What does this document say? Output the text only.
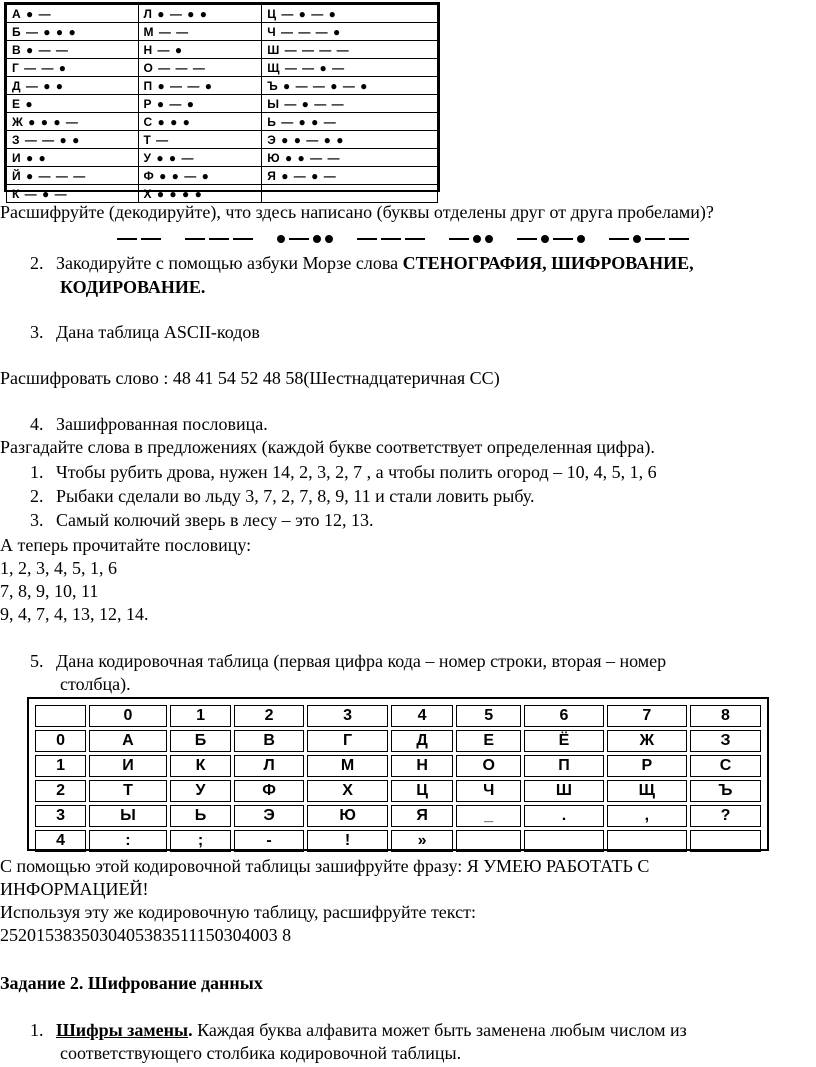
А ● —	Л ● — ● ●	Ц — ● — ●
Б — ● ● ●	М — —	Ч — — — ●
В ● — —	Н — ●	Ш — — — —
Г — — ●	О — — —	Щ — — ● —
Д — ● ●	П ● — — ●	Ъ ● — — ● — ●
Е ●	Р ● — ●	Ы — ● — —
Ж ● ● ● —	С ● ● ●	Ь — ● ● —
З — — ● ●	Т —	Э ● ● — ● ●
И ● ●	У ● ● —	Ю ● ● — —
Й ● — — —	Ф ● ● — ●	Я ● — ● —
К — ● —	Х ● ● ● ●	
Расшифруйте (декодируйте), что здесь написано (буквы отделены друг от друга пробелами)?
2. Закодируйте с помощью азбуки Морзе слова СТЕНОГРАФИЯ, ШИФРОВАНИЕ,
КОДИРОВАНИЕ.
3. Дана таблица ASCII-кодов
Расшифровать слово : 48 41 54 52 48 58(Шестнадцатеричная СС)
4. Зашифрованная пословица.
Разгадайте слова в предложениях (каждой букве соответствует определенная цифра).
1. Чтобы рубить дрова, нужен 14, 2, 3, 2, 7 , а чтобы полить огород – 10, 4, 5, 1, 6
2. Рыбаки сделали во льду 3, 7, 2, 7, 8, 9, 11 и стали ловить рыбу.
3. Самый колючий зверь в лесу – это 12, 13.
А теперь прочитайте пословицу:
1, 2, 3, 4, 5, 1, 6
7, 8, 9, 10, 11
9, 4, 7, 4, 13, 12, 14.
5. Дана кодировочная таблица (первая цифра кода – номер строки, вторая – номер
столбца).
	0	1	2	3	4	5	6	7	8
0	А	Б	В	Г	Д	Е	Ё	Ж	З
1	И	К	Л	М	Н	О	П	Р	С
2	Т	У	Ф	Х	Ц	Ч	Ш	Щ	Ъ
3	Ы	Ь	Э	Ю	Я	_	.	,	?
4	:	;	-	!	»				
С помощью этой кодировочной таблицы зашифруйте фразу: Я УМЕЮ РАБОТАТЬ С
ИНФОРМАЦИЕЙ!
Используя эту же кодировочную таблицу, расшифруйте текст:
2520153835030405383511150304003 8
Задание 2. Шифрование данных
1. Шифры замены. Каждая буква алфавита может быть заменена любым числом из
соответствующего столбика кодировочной таблицы.
